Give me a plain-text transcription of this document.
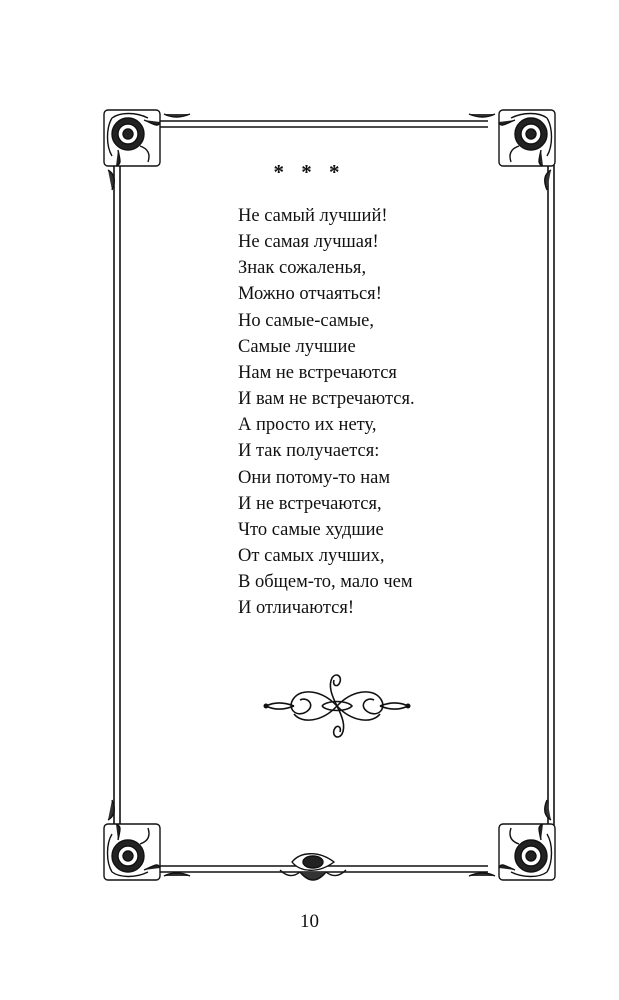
* * *
Не самый лучший!
Не самая лучшая!
Знак сожаленья,
Можно отчаяться!
Но самые-самые,
Самые лучшие
Нам не встречаются
И вам не встречаются.
А просто их нету,
И так получается:
Они потому-то нам
И не встречаются,
Что самые худшие
От самых лучших,
В общем-то, мало чем
И отличаются!
10
